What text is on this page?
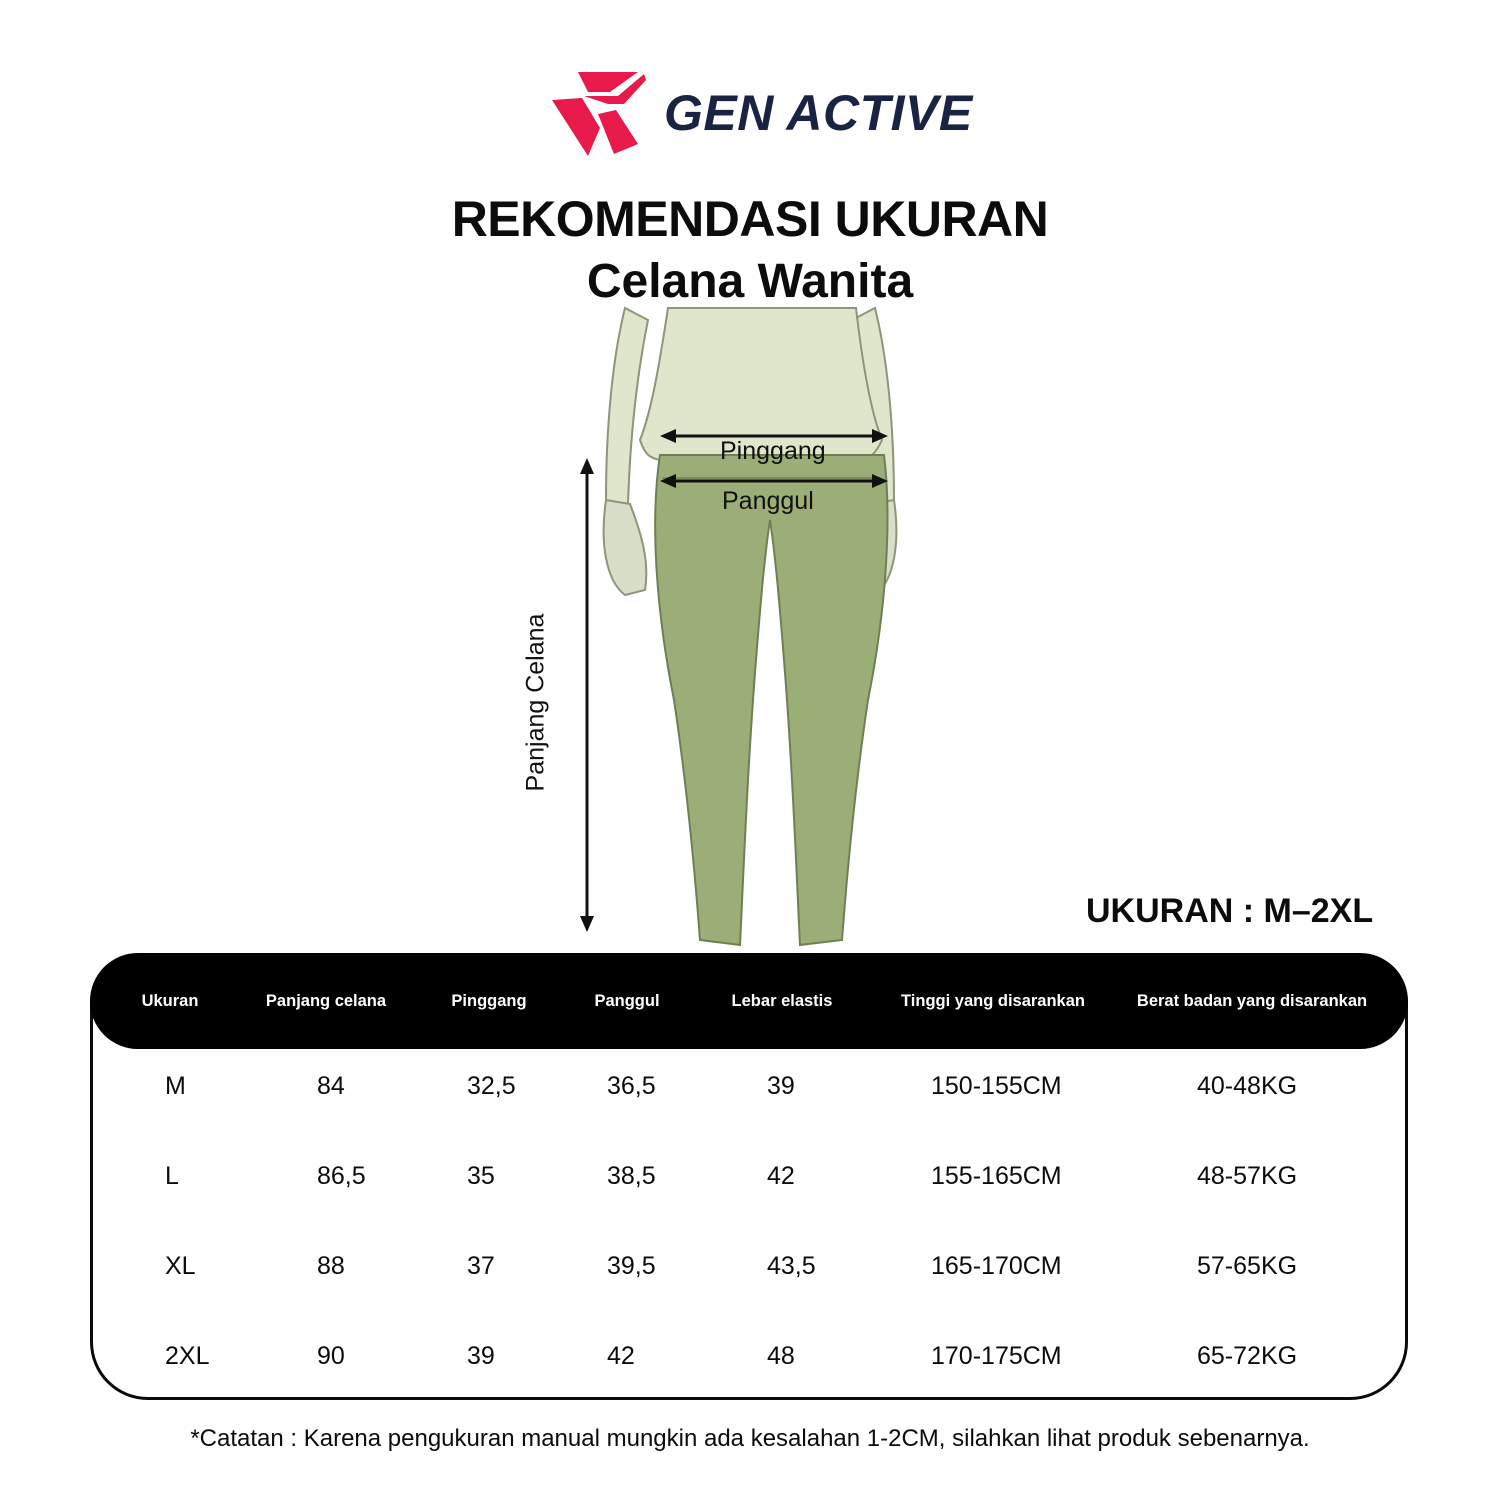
GEN ACTIVE
REKOMENDASI UKURAN
Celana Wanita
Pinggang
Panggul
Panjang Celana
UKURAN : M–2XL
M	84	32,5	36,5	39	150-155CM	40-48KG
L	86,5	35	38,5	42	155-165CM	48-57KG
XL	88	37	39,5	43,5	165-170CM	57-65KG
2XL	90	39	42	48	170-175CM	65-72KG
Ukuran	Panjang celana	Pinggang	Panggul	Lebar elastis	Tinggi yang disarankan	Berat badan yang disarankan
*Catatan : Karena pengukuran manual mungkin ada kesalahan 1-2CM, silahkan lihat produk sebenarnya.
